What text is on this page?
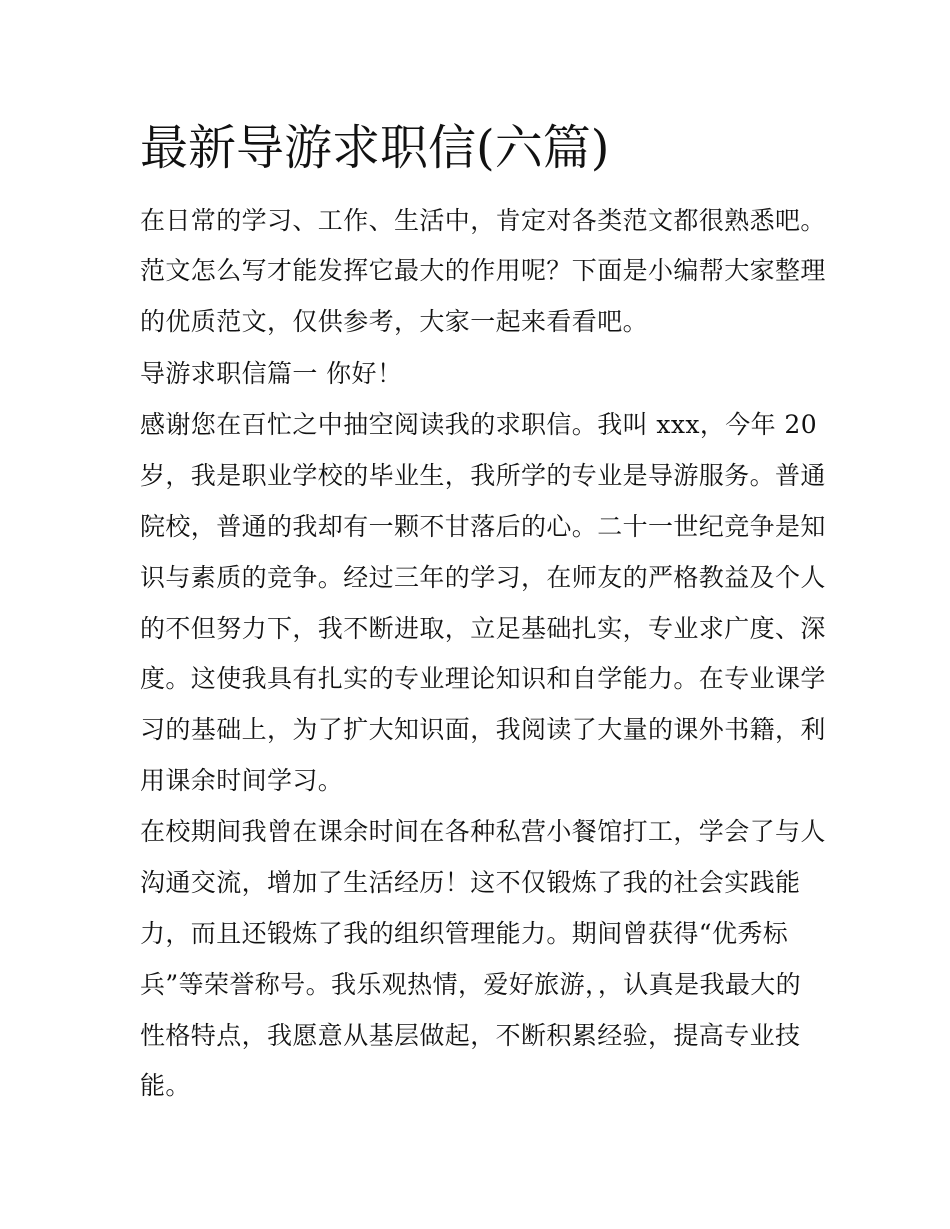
最新导游求职信(六篇)

在日常的学习、工作、生活中，肯定对各类范文都很熟悉吧。

范文怎么写才能发挥它最大的作用呢？下面是小编帮大家整理

的优质范文，仅供参考，大家一起来看看吧。

导游求职信篇一 你好！

感谢您在百忙之中抽空阅读我的求职信。我叫 xxx，今年 20

岁，我是职业学校的毕业生，我所学的专业是导游服务。普通

院校，普通的我却有一颗不甘落后的心。二十一世纪竞争是知

识与素质的竞争。经过三年的学习，在师友的严格教益及个人

的不但努力下，我不断进取，立足基础扎实，专业求广度、深

度。这使我具有扎实的专业理论知识和自学能力。在专业课学

习的基础上，为了扩大知识面，我阅读了大量的课外书籍，利

用课余时间学习。

在校期间我曾在课余时间在各种私营小餐馆打工，学会了与人

沟通交流，增加了生活经历！这不仅锻炼了我的社会实践能

力，而且还锻炼了我的组织管理能力。期间曾获得“优秀标

兵”等荣誉称号。我乐观热情，爱好旅游，，认真是我最大的

性格特点，我愿意从基层做起，不断积累经验，提高专业技

能。
